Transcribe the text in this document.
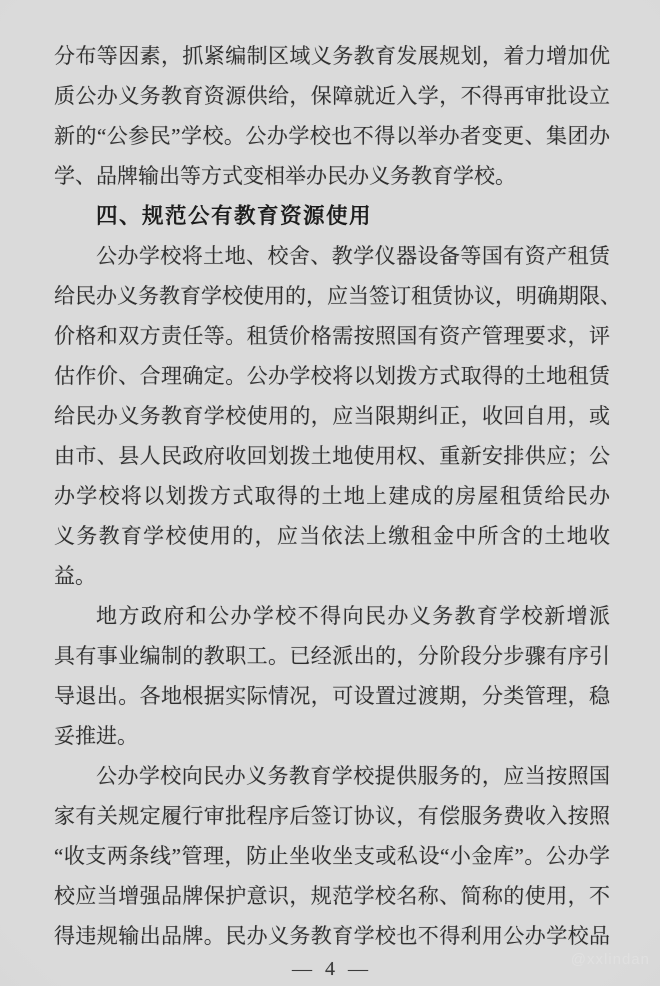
分布等因素，抓紧编制区域义务教育发展规划，着力增加优
质公办义务教育资源供给，保障就近入学，不得再审批设立
新的“公参民”学校。公办学校也不得以举办者变更、集团办
学、品牌输出等方式变相举办民办义务教育学校。
四、规范公有教育资源使用
公办学校将土地、校舍、教学仪器设备等国有资产租赁
给民办义务教育学校使用的，应当签订租赁协议，明确期限、
价格和双方责任等。租赁价格需按照国有资产管理要求，评
估作价、合理确定。公办学校将以划拨方式取得的土地租赁
给民办义务教育学校使用的，应当限期纠正，收回自用，或
由市、县人民政府收回划拨土地使用权、重新安排供应；公
办学校将以划拨方式取得的土地上建成的房屋租赁给民办
义务教育学校使用的，应当依法上缴租金中所含的土地收
益。
地方政府和公办学校不得向民办义务教育学校新增派
具有事业编制的教职工。已经派出的，分阶段分步骤有序引
导退出。各地根据实际情况，可设置过渡期，分类管理，稳
妥推进。
公办学校向民办义务教育学校提供服务的，应当按照国
家有关规定履行审批程序后签订协议，有偿服务费收入按照
“收支两条线”管理，防止坐收坐支或私设“小金库”。公办学
校应当增强品牌保护意识，规范学校名称、简称的使用，不
得违规输出品牌。民办义务教育学校也不得利用公办学校品
— 4 —	@xxlindan
